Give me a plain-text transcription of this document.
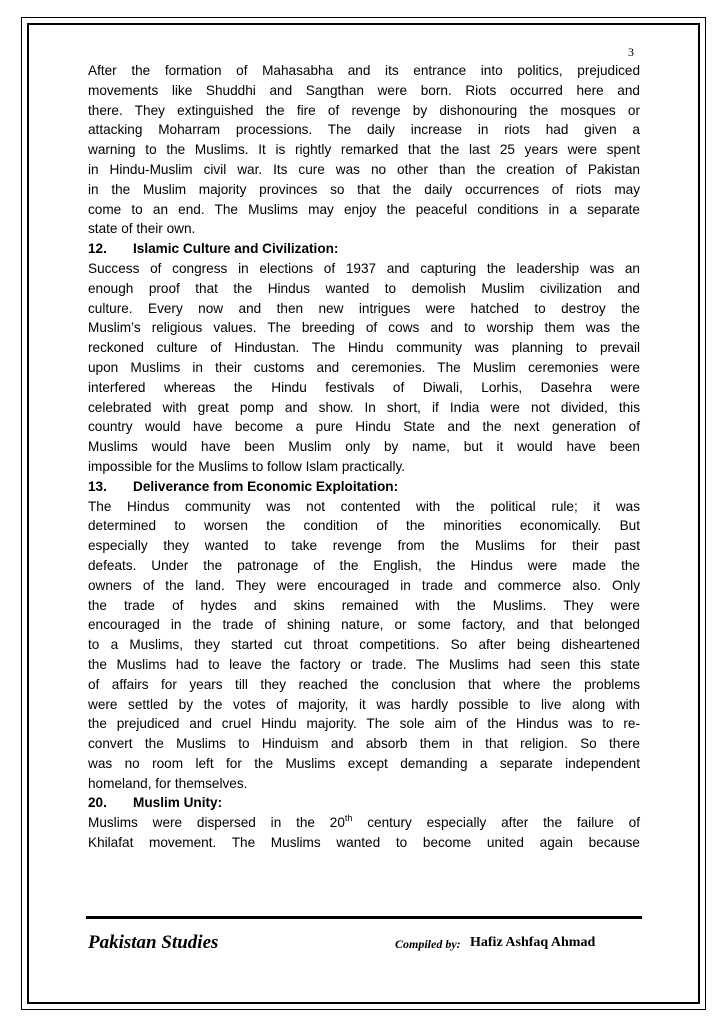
3

After the formation of Mahasabha and its entrance into politics, prejudiced

movements like Shuddhi and Sangthan were born. Riots occurred here and

there. They extinguished the fire of revenge by dishonouring the mosques or

attacking Moharram processions. The daily increase in riots had given a

warning to the Muslims. It is rightly remarked that the last 25 years were spent

in Hindu-Muslim civil war. Its cure was no other than the creation of Pakistan

in the Muslim majority provinces so that the daily occurrences of riots may

come to an end. The Muslims may enjoy the peaceful conditions in a separate

state of their own.

12. Islamic Culture and Civilization:

Success of congress in elections of 1937 and capturing the leadership was an

enough proof that the Hindus wanted to demolish Muslim civilization and

culture. Every now and then new intrigues were hatched to destroy the

Muslim’s religious values. The breeding of cows and to worship them was the

reckoned culture of Hindustan. The Hindu community was planning to prevail

upon Muslims in their customs and ceremonies. The Muslim ceremonies were

interfered whereas the Hindu festivals of Diwali, Lorhis, Dasehra were

celebrated with great pomp and show. In short, if India were not divided, this

country would have become a pure Hindu State and the next generation of

Muslims would have been Muslim only by name, but it would have been

impossible for the Muslims to follow Islam practically.

13. Deliverance from Economic Exploitation:

The Hindus community was not contented with the political rule; it was

determined to worsen the condition of the minorities economically. But

especially they wanted to take revenge from the Muslims for their past

defeats. Under the patronage of the English, the Hindus were made the

owners of the land. They were encouraged in trade and commerce also. Only

the trade of hydes and skins remained with the Muslims. They were

encouraged in the trade of shining nature, or some factory, and that belonged

to a Muslims, they started cut throat competitions. So after being disheartened

the Muslims had to leave the factory or trade. The Muslims had seen this state

of affairs for years till they reached the conclusion that where the problems

were settled by the votes of majority, it was hardly possible to live along with

the prejudiced and cruel Hindu majority. The sole aim of the Hindus was to re-

convert the Muslims to Hinduism and absorb them in that religion. So there

was no room left for the Muslims except demanding a separate independent

homeland, for themselves.

20. Muslim Unity:

Muslims were dispersed in the 20th century especially after the failure of

Khilafat movement. The Muslims wanted to become united again because

Pakistan Studies	Compiled by: Hafiz Ashfaq Ahmad
